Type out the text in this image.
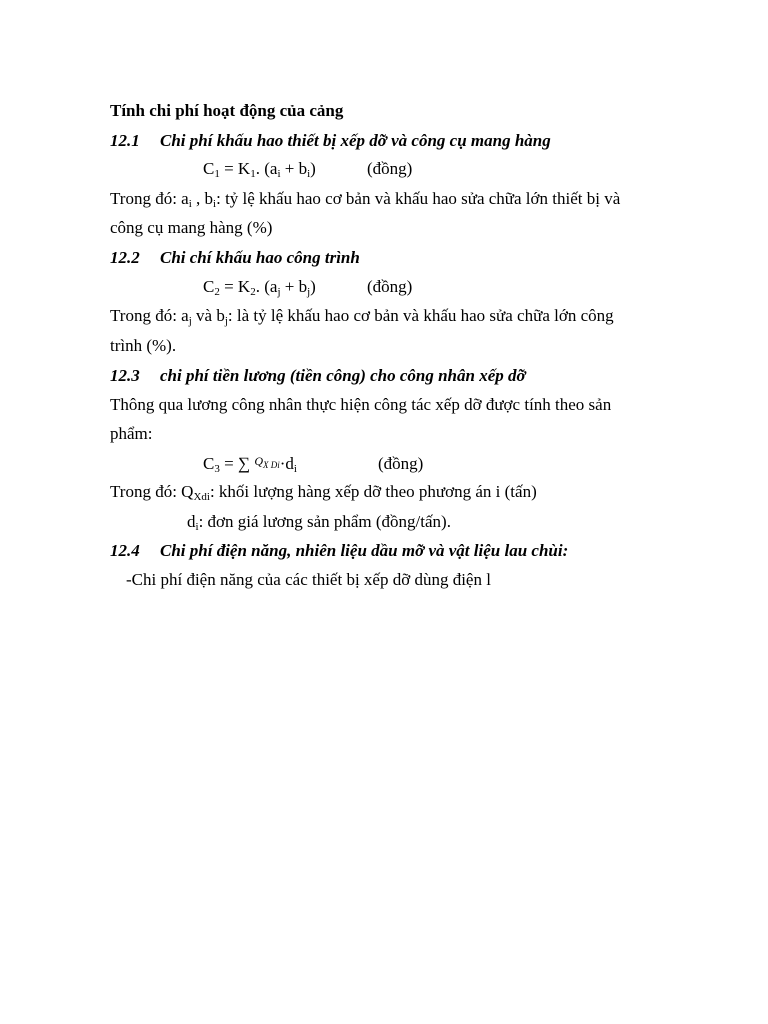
Tính chi phí hoạt động của cảng
12.1 Chi phí khấu hao thiết bị xếp dỡ và công cụ mang hàng
$C_1 = K_1$. $(a_i + b_i)$	(đồng)
Trong đó: $a_i$ , $b_i$: tỷ lệ khấu hao cơ bản và khấu hao sửa chữa lớn thiết bị và
công cụ mang hàng (%)
12.2 Chi chí khấu hao công trình
$C_2 = K_2$. $(a_j + b_j)$	(đồng)
Trong đó: $a_j$ và $b_j$: là tỷ lệ khấu hao cơ bản và khấu hao sửa chữa lớn công
trình (%).
12.3 chi phí tiền lương (tiền công) cho công nhân xếp dỡ
Thông qua lương công nhân thực hiện công tác xếp dỡ được tính theo sản
phẩm:
$C_3$ = ∑ $^{Q_{X Di}}\cdot d_i$	(đồng)
Trong đó: $Q_{Xdi}$: khối lượng hàng xếp dỡ theo phương án i (tấn)
$d_i$: đơn giá lương sản phẩm (đồng/tấn).
12.4 Chi phí điện năng, nhiên liệu dầu mỡ và vật liệu lau chùi:
-Chi phí điện năng của các thiết bị xếp dỡ dùng điện l
